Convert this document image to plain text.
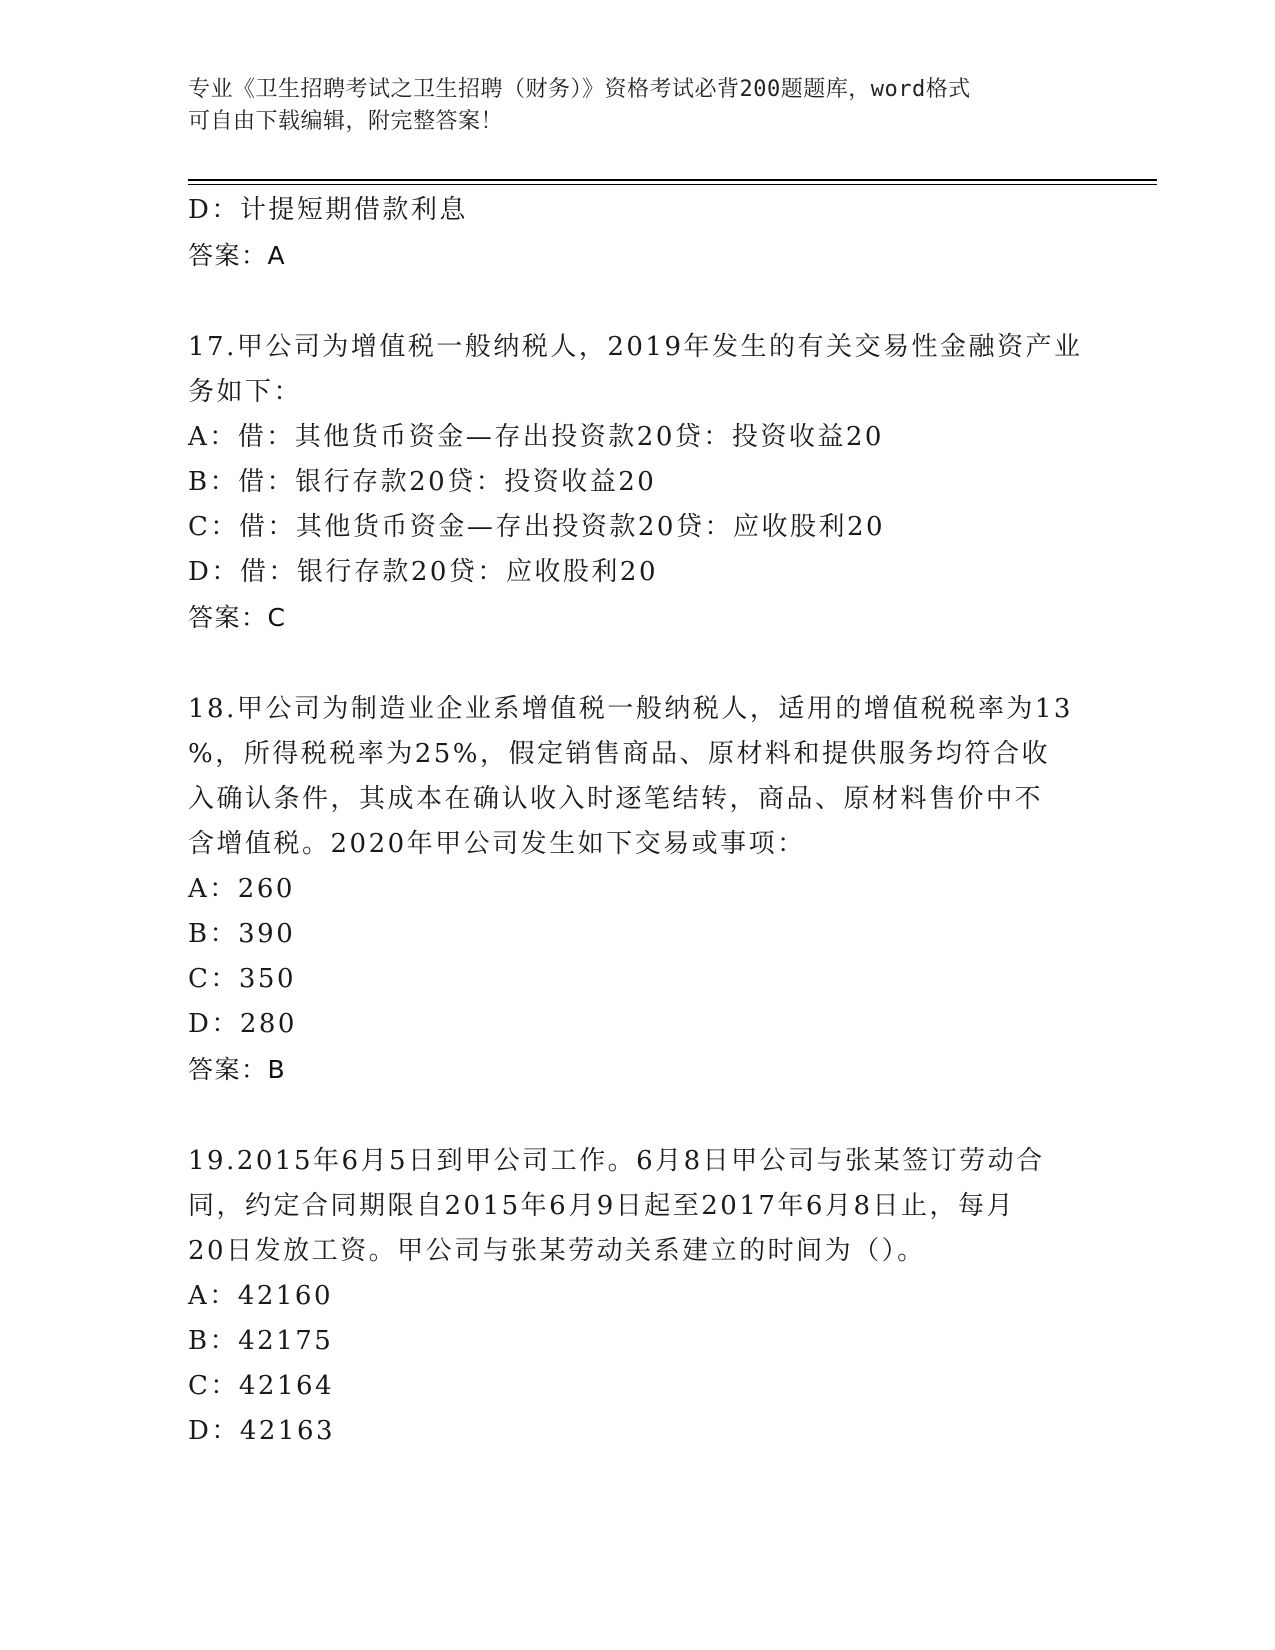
专业《卫生招聘考试之卫生招聘（财务）》资格考试必背200题题库，word格式
可自由下载编辑，附完整答案！
D：计提短期借款利息
答案：A
17.甲公司为增值税一般纳税人，2019年发生的有关交易性金融资产业
务如下：
A：借：其他货币资金—存出投资款20贷：投资收益20
B：借：银行存款20贷：投资收益20
C：借：其他货币资金—存出投资款20贷：应收股利20
D：借：银行存款20贷：应收股利20
答案：C
18.甲公司为制造业企业系增值税一般纳税人，适用的增值税税率为13
%，所得税税率为25%，假定销售商品、原材料和提供服务均符合收
入确认条件，其成本在确认收入时逐笔结转，商品、原材料售价中不
含增值税。2020年甲公司发生如下交易或事项：
A：260
B：390
C：350
D：280
答案：B
19.2015年6月5日到甲公司工作。6月8日甲公司与张某签订劳动合
同，约定合同期限自2015年6月9日起至2017年6月8日止，每月
20日发放工资。甲公司与张某劳动关系建立的时间为（）。
A：42160
B：42175
C：42164
D：42163
